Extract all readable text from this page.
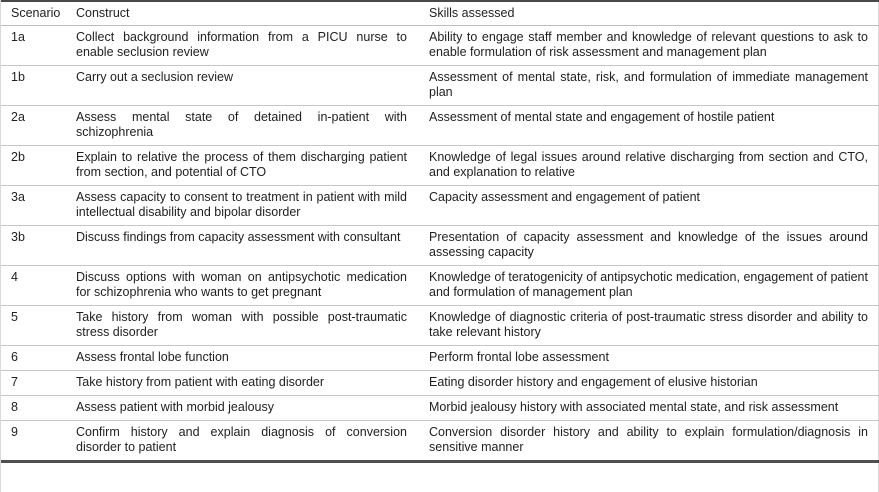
Scenario	Construct	Skills assessed
1a	Collect background information from a PICU nurse to enable seclusion review	Ability to engage staff member and knowledge of relevant questions to ask to enable formulation of risk assessment and management plan
1b	Carry out a seclusion review	Assessment of mental state, risk, and formulation of immediate management plan
2a	Assess mental state of detained in-patient with schizophrenia	Assessment of mental state and engagement of hostile patient
2b	Explain to relative the process of them discharging patient from section, and potential of CTO	Knowledge of legal issues around relative discharging from section and CTO, and explanation to relative
3a	Assess capacity to consent to treatment in patient with mild intellectual disability and bipolar disorder	Capacity assessment and engagement of patient
3b	Discuss findings from capacity assessment with consultant	Presentation of capacity assessment and knowledge of the issues around assessing capacity
4	Discuss options with woman on antipsychotic medication for schizophrenia who wants to get pregnant	Knowledge of teratogenicity of antipsychotic medication, engagement of patient and formulation of management plan
5	Take history from woman with possible post-traumatic stress disorder	Knowledge of diagnostic criteria of post-traumatic stress disorder and ability to take relevant history
6	Assess frontal lobe function	Perform frontal lobe assessment
7	Take history from patient with eating disorder	Eating disorder history and engagement of elusive historian
8	Assess patient with morbid jealousy	Morbid jealousy history with associated mental state, and risk assessment
9	Confirm history and explain diagnosis of conversion disorder to patient	Conversion disorder history and ability to explain formulation/diagnosis in sensitive manner
